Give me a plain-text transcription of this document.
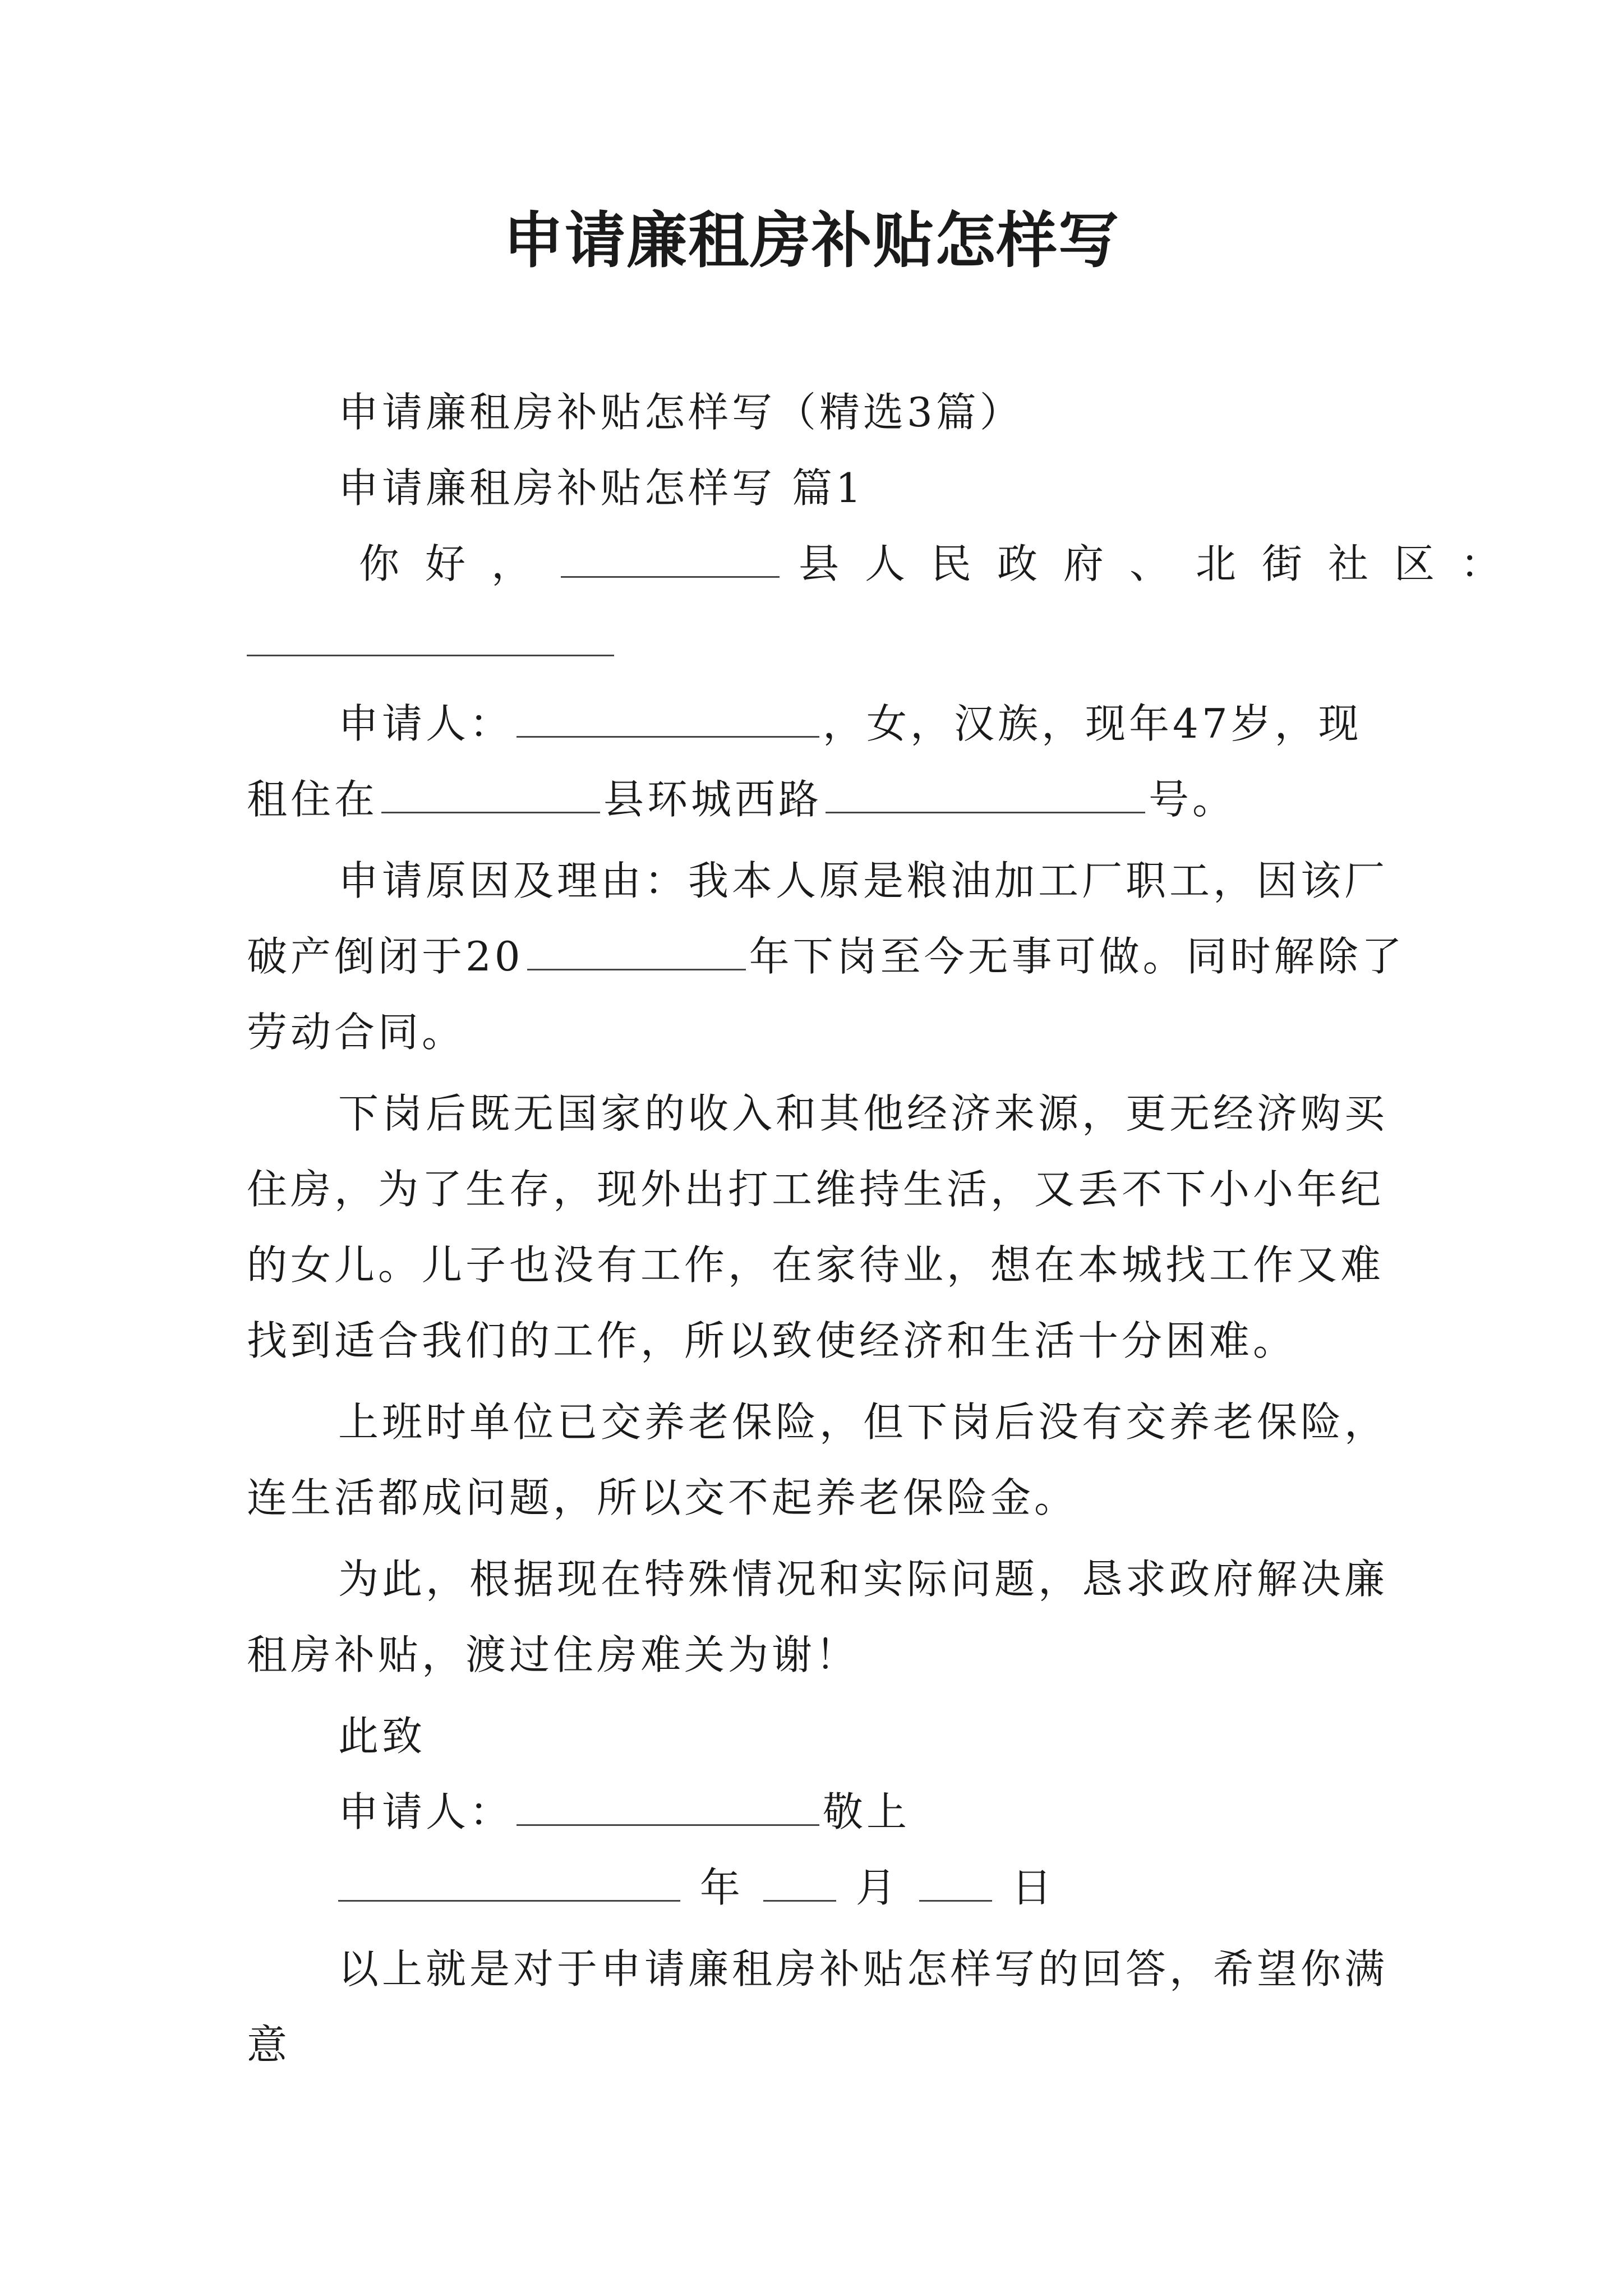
申请廉租房补贴怎样写
申请廉租房补贴怎样写（精选3篇）
申请廉租房补贴怎样写 篇1
你好，	县人民政府、北街社区：
申请人：	，女，汉族，现年47岁，现
租住在	县环城西路	号。
申请原因及理由：我本人原是粮油加工厂职工，因该厂
破产倒闭于20	年下岗至今无事可做。同时解除了
劳动合同。
下岗后既无国家的收入和其他经济来源，更无经济购买
住房，为了生存，现外出打工维持生活，又丢不下小小年纪
的女儿。儿子也没有工作，在家待业，想在本城找工作又难
找到适合我们的工作，所以致使经济和生活十分困难。
上班时单位已交养老保险，但下岗后没有交养老保险，
连生活都成问题，所以交不起养老保险金。
为此，根据现在特殊情况和实际问题，恳求政府解决廉
租房补贴，渡过住房难关为谢！
此致
申请人：	敬上
年	月	日
以上就是对于申请廉租房补贴怎样写的回答，希望你满
意
